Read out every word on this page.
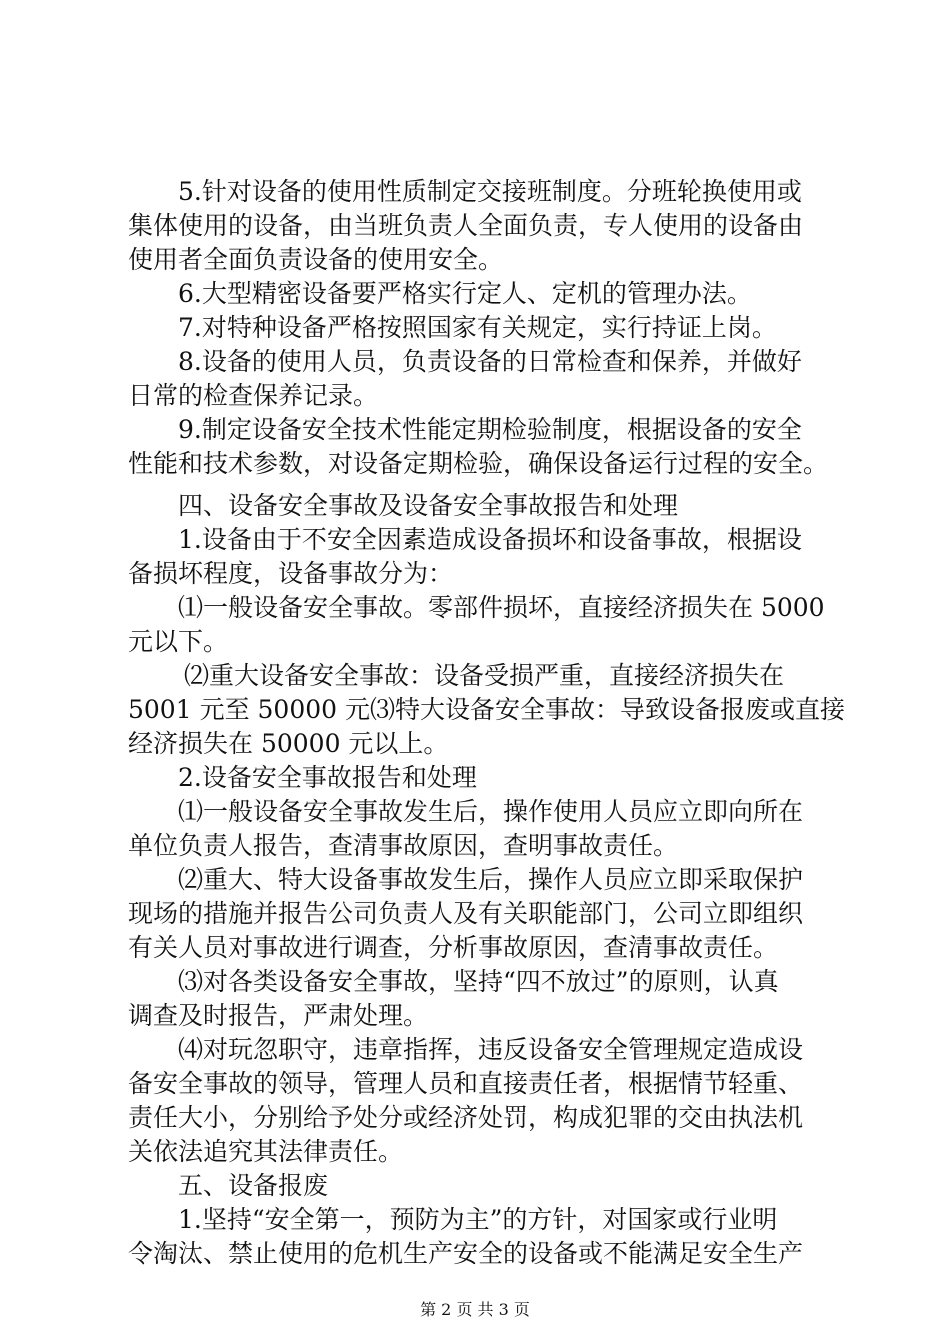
5.针对设备的使用性质制定交接班制度。分班轮换使用或
集体使用的设备，由当班负责人全面负责，专人使用的设备由
使用者全面负责设备的使用安全。
6.大型精密设备要严格实行定人、定机的管理办法。
7.对特种设备严格按照国家有关规定，实行持证上岗。
8.设备的使用人员，负责设备的日常检查和保养，并做好
日常的检查保养记录。
9.制定设备安全技术性能定期检验制度，根据设备的安全
性能和技术参数，对设备定期检验，确保设备运行过程的安全。
四、设备安全事故及设备安全事故报告和处理
1.设备由于不安全因素造成设备损坏和设备事故，根据设
备损坏程度，设备事故分为：
⑴一般设备安全事故。零部件损坏，直接经济损失在 5000
元以下。
⑵重大设备安全事故：设备受损严重，直接经济损失在
5001 元至 50000 元⑶特大设备安全事故：导致设备报废或直接
经济损失在 50000 元以上。
2.设备安全事故报告和处理
⑴一般设备安全事故发生后，操作使用人员应立即向所在
单位负责人报告，查清事故原因，查明事故责任。
⑵重大、特大设备事故发生后，操作人员应立即采取保护
现场的措施并报告公司负责人及有关职能部门，公司立即组织
有关人员对事故进行调查，分析事故原因，查清事故责任。
⑶对各类设备安全事故，坚持“四不放过”的原则，认真
调查及时报告，严肃处理。
⑷对玩忽职守，违章指挥，违反设备安全管理规定造成设
备安全事故的领导，管理人员和直接责任者，根据情节轻重、
责任大小，分别给予处分或经济处罚，构成犯罪的交由执法机
关依法追究其法律责任。
五、设备报废
1.坚持“安全第一，预防为主”的方针，对国家或行业明
令淘汰、禁止使用的危机生产安全的设备或不能满足安全生产
第 2 页 共 3 页
